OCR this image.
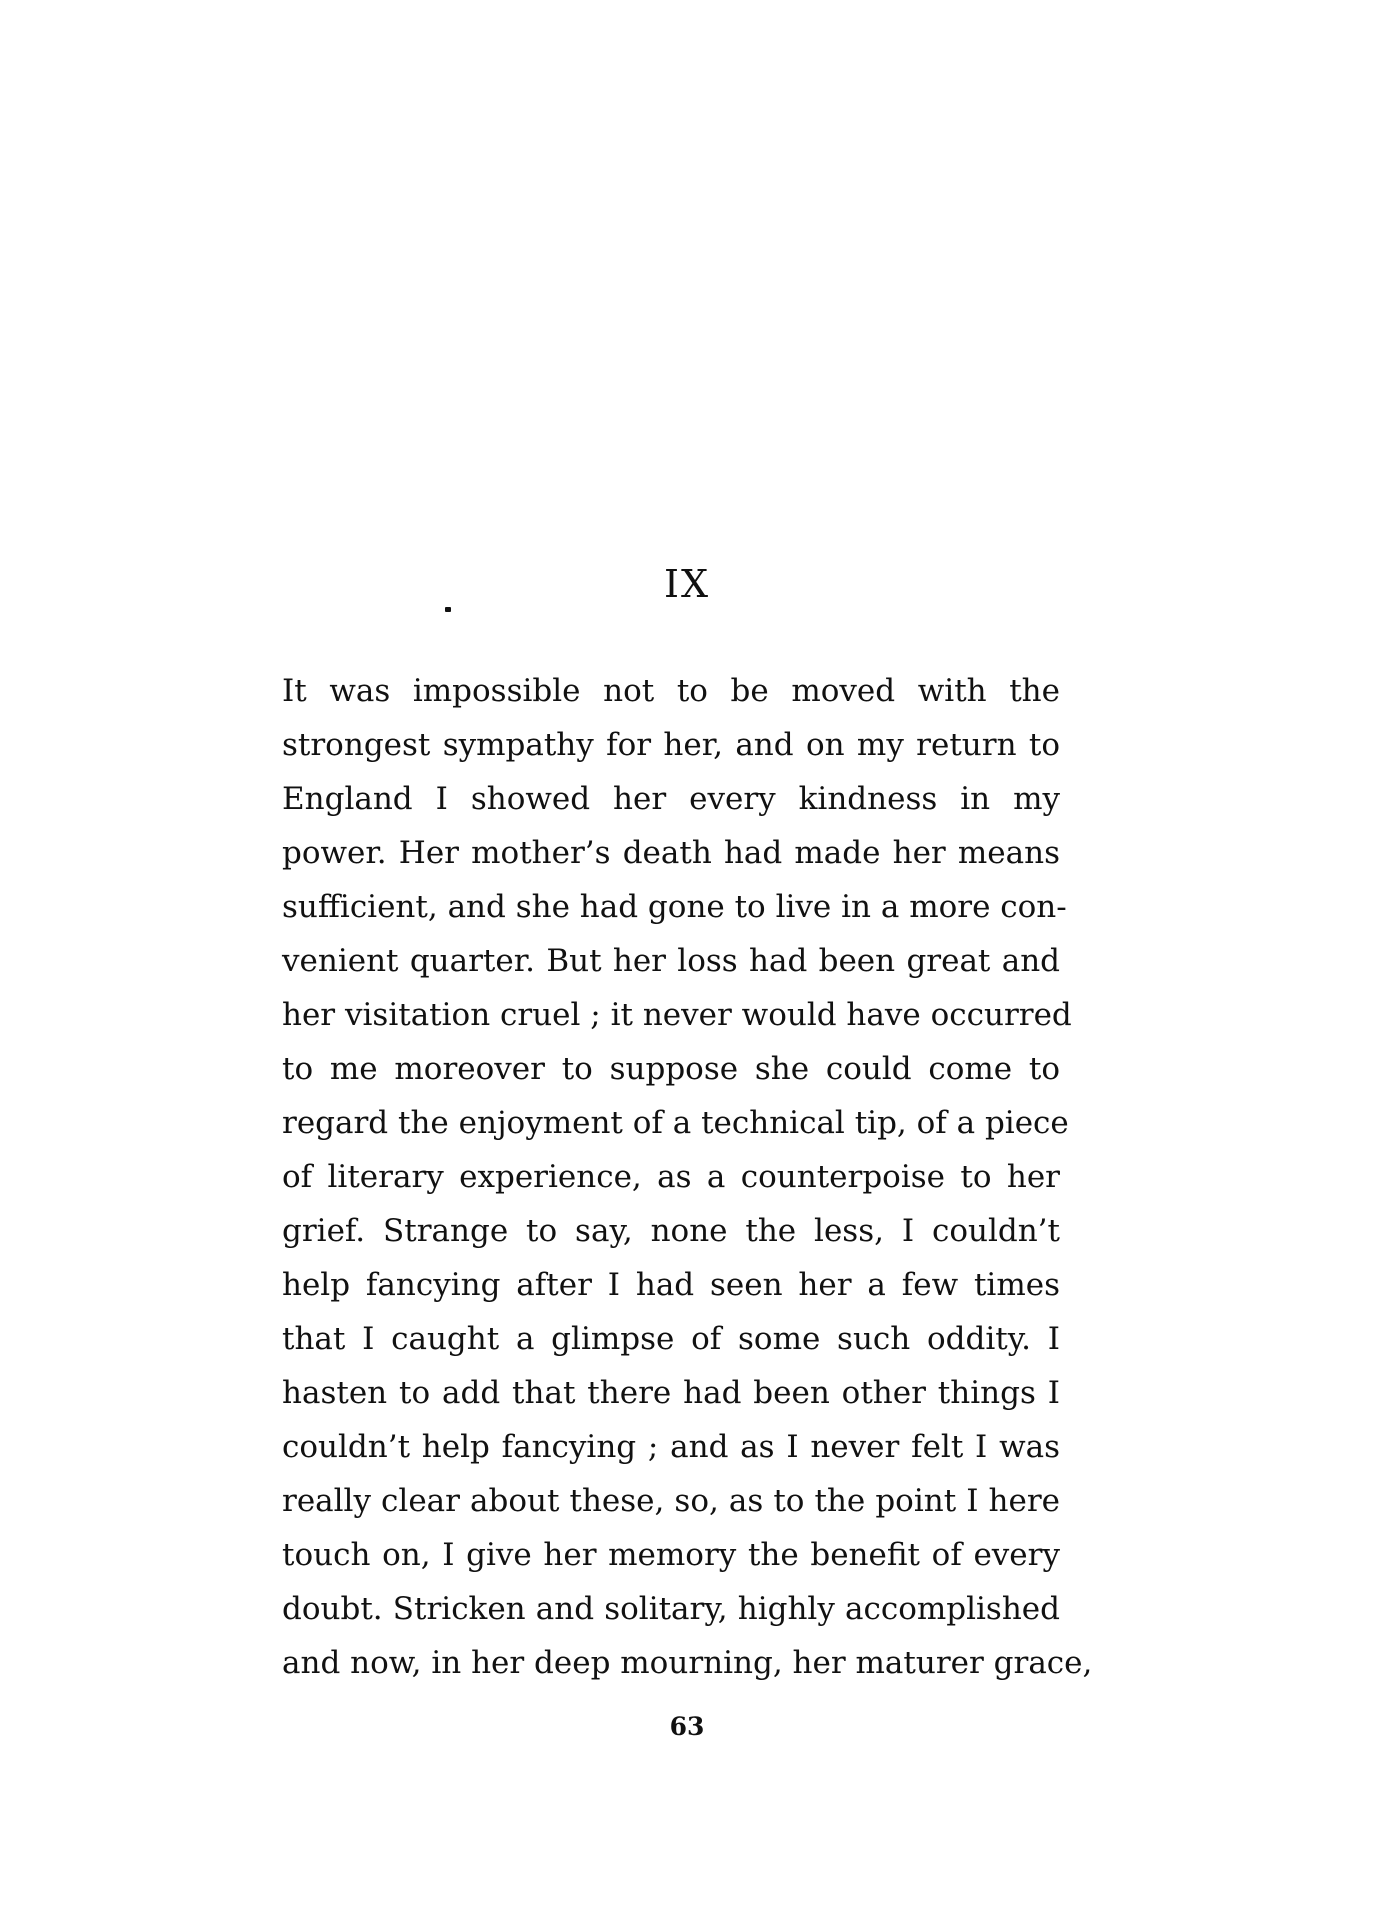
IX
It was impossible not to be moved with the
strongest sympathy for her, and on my return to
England I showed her every kindness in my
power. Her mother’s death had made her means
sufficient, and she had gone to live in a more con-
venient quarter. But her loss had been great and
her visitation cruel ; it never would have occurred
to me moreover to suppose she could come to
regard the enjoyment of a technical tip, of a piece
of literary experience, as a counterpoise to her
grief. Strange to say, none the less, I couldn’t
help fancying after I had seen her a few times
that I caught a glimpse of some such oddity. I
hasten to add that there had been other things I
couldn’t help fancying ; and as I never felt I was
really clear about these, so, as to the point I here
touch on, I give her memory the benefit of every
doubt. Stricken and solitary, highly accomplished
and now, in her deep mourning, her maturer grace,
63
